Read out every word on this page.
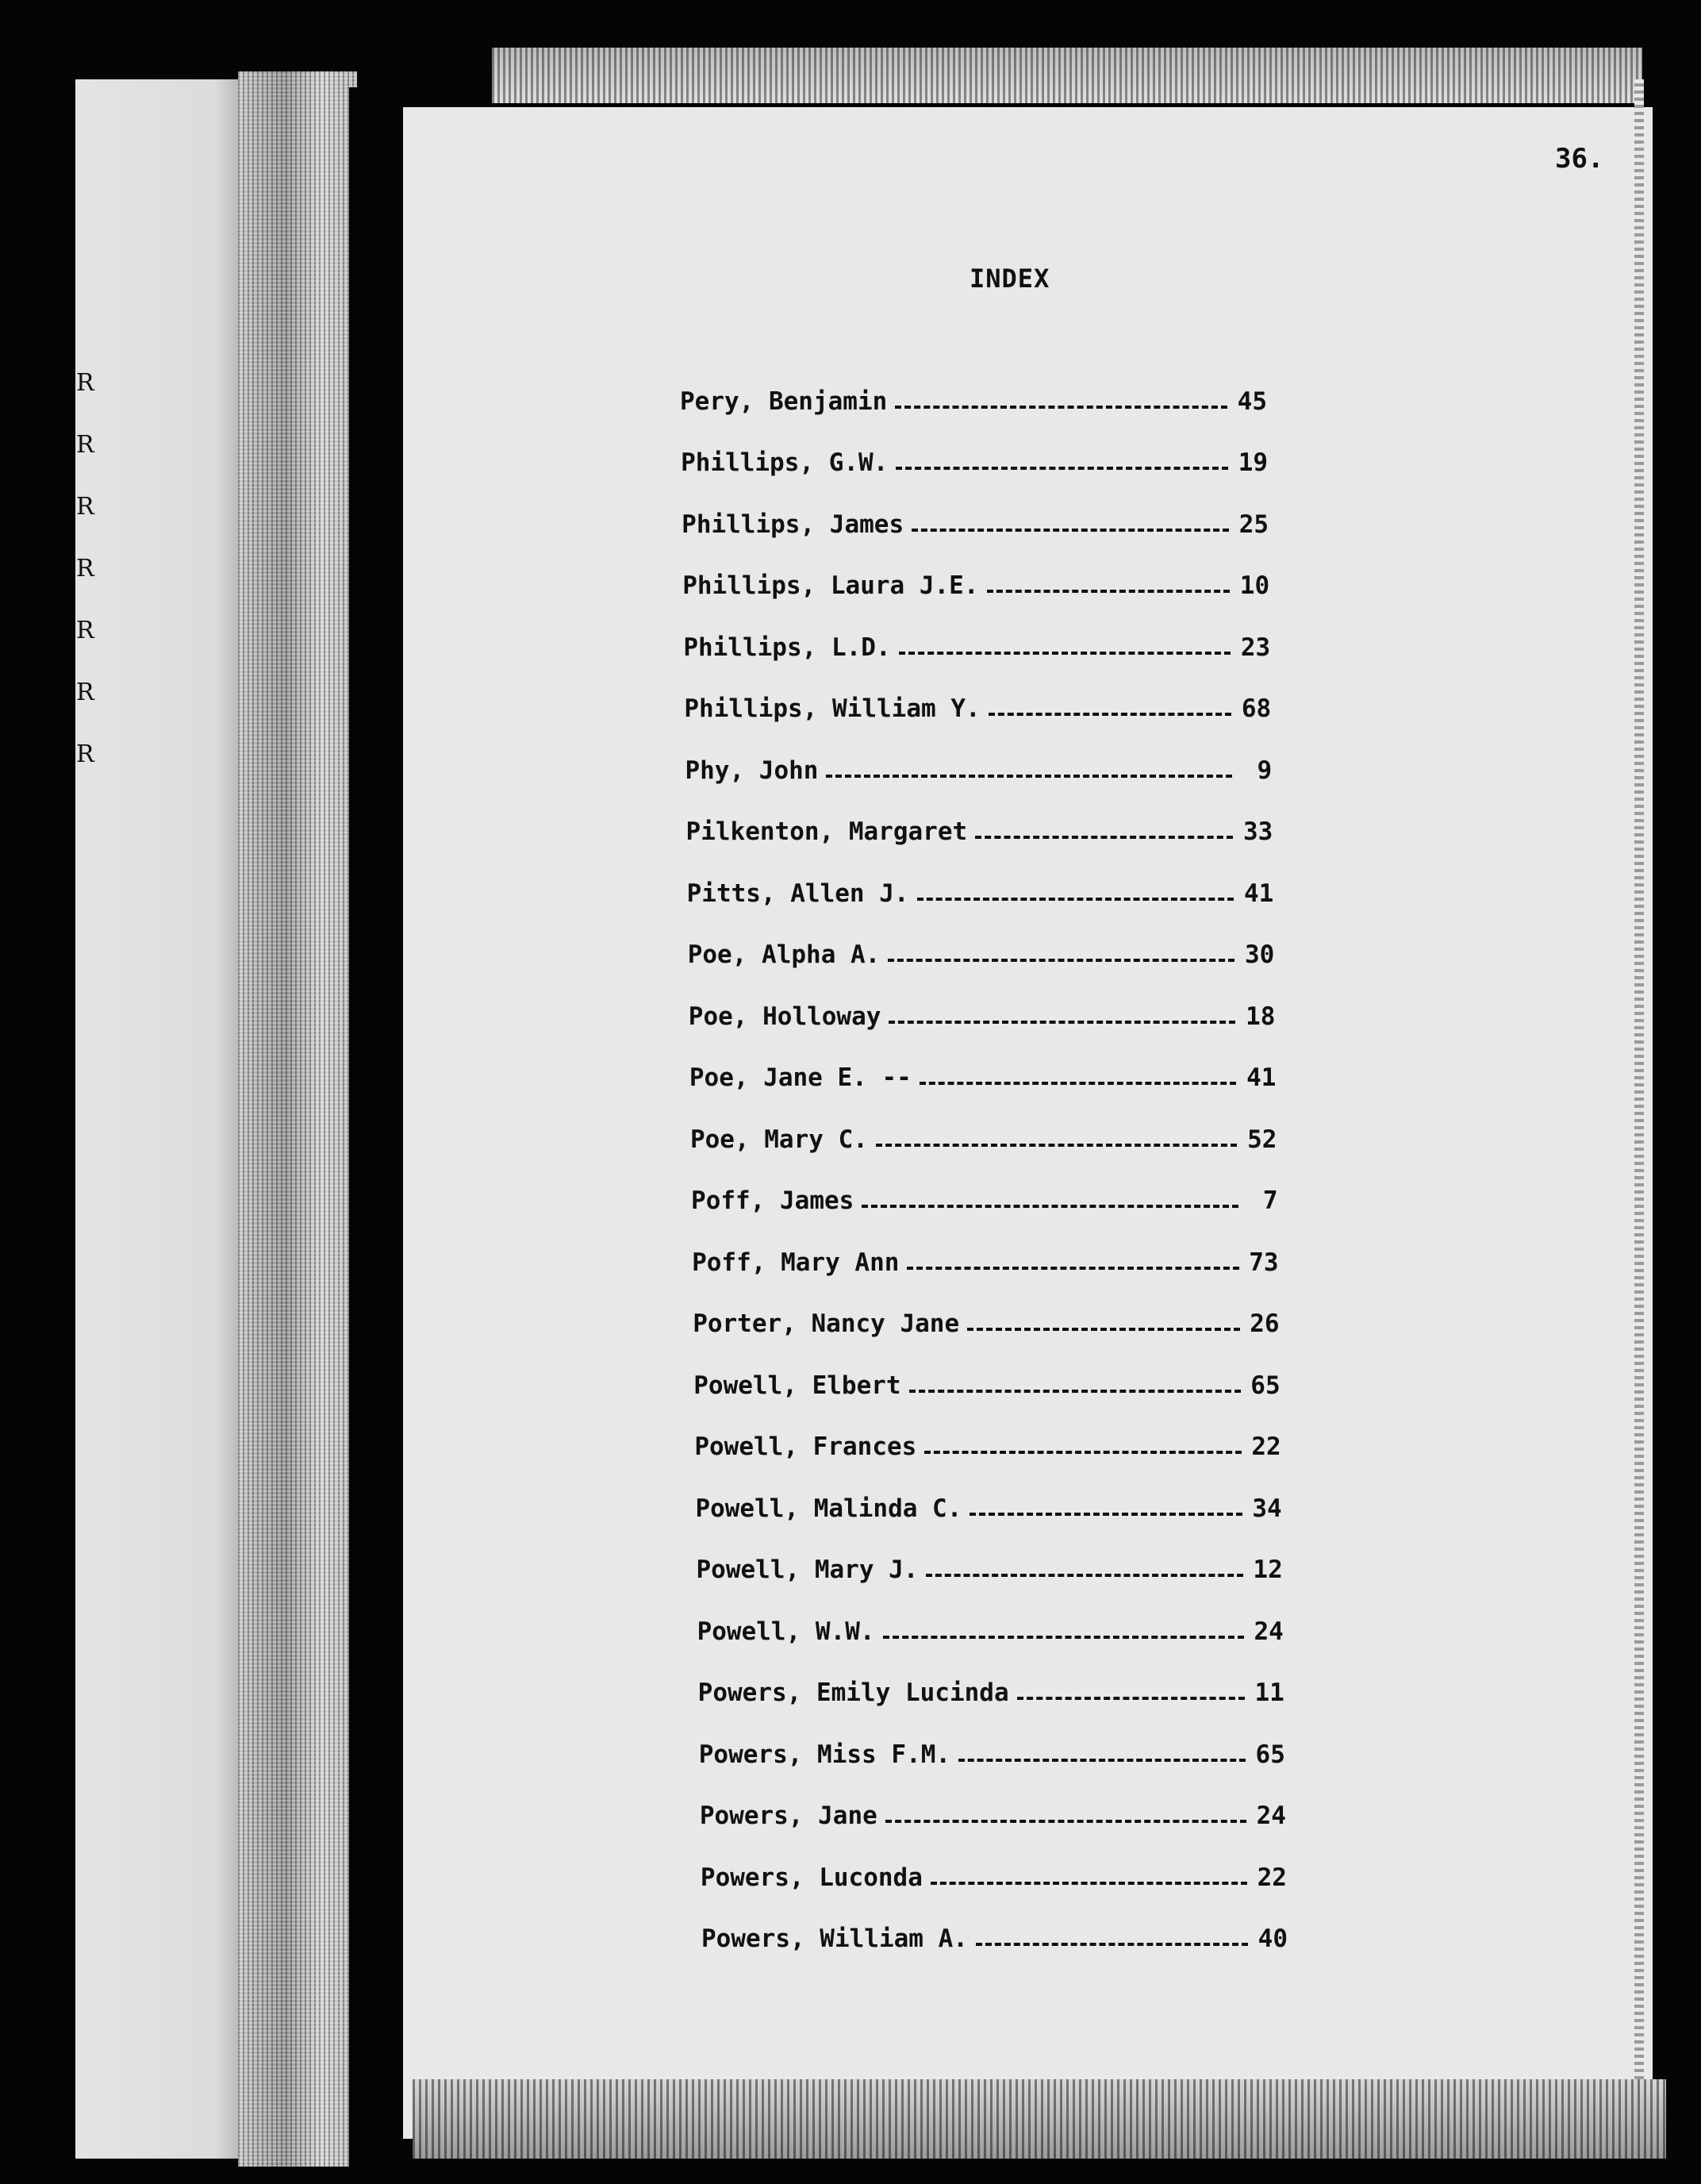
R
R
R
R
R
R
R
36.
INDEX
Pery, Benjamin	45
Phillips, G.W.	19
Phillips, James	25
Phillips, Laura J.E.	10
Phillips, L.D.	23
Phillips, William Y.	68
Phy, John	9
Pilkenton, Margaret	33
Pitts, Allen J.	41
Poe, Alpha A.	30
Poe, Holloway	18
Poe, Jane E. --	41
Poe, Mary C.	52
Poff, James	7
Poff, Mary Ann	73
Porter, Nancy Jane	26
Powell, Elbert	65
Powell, Frances	22
Powell, Malinda C.	34
Powell, Mary J.	12
Powell, W.W.	24
Powers, Emily Lucinda	11
Powers, Miss F.M.	65
Powers, Jane	24
Powers, Luconda	22
Powers, William A.	40
